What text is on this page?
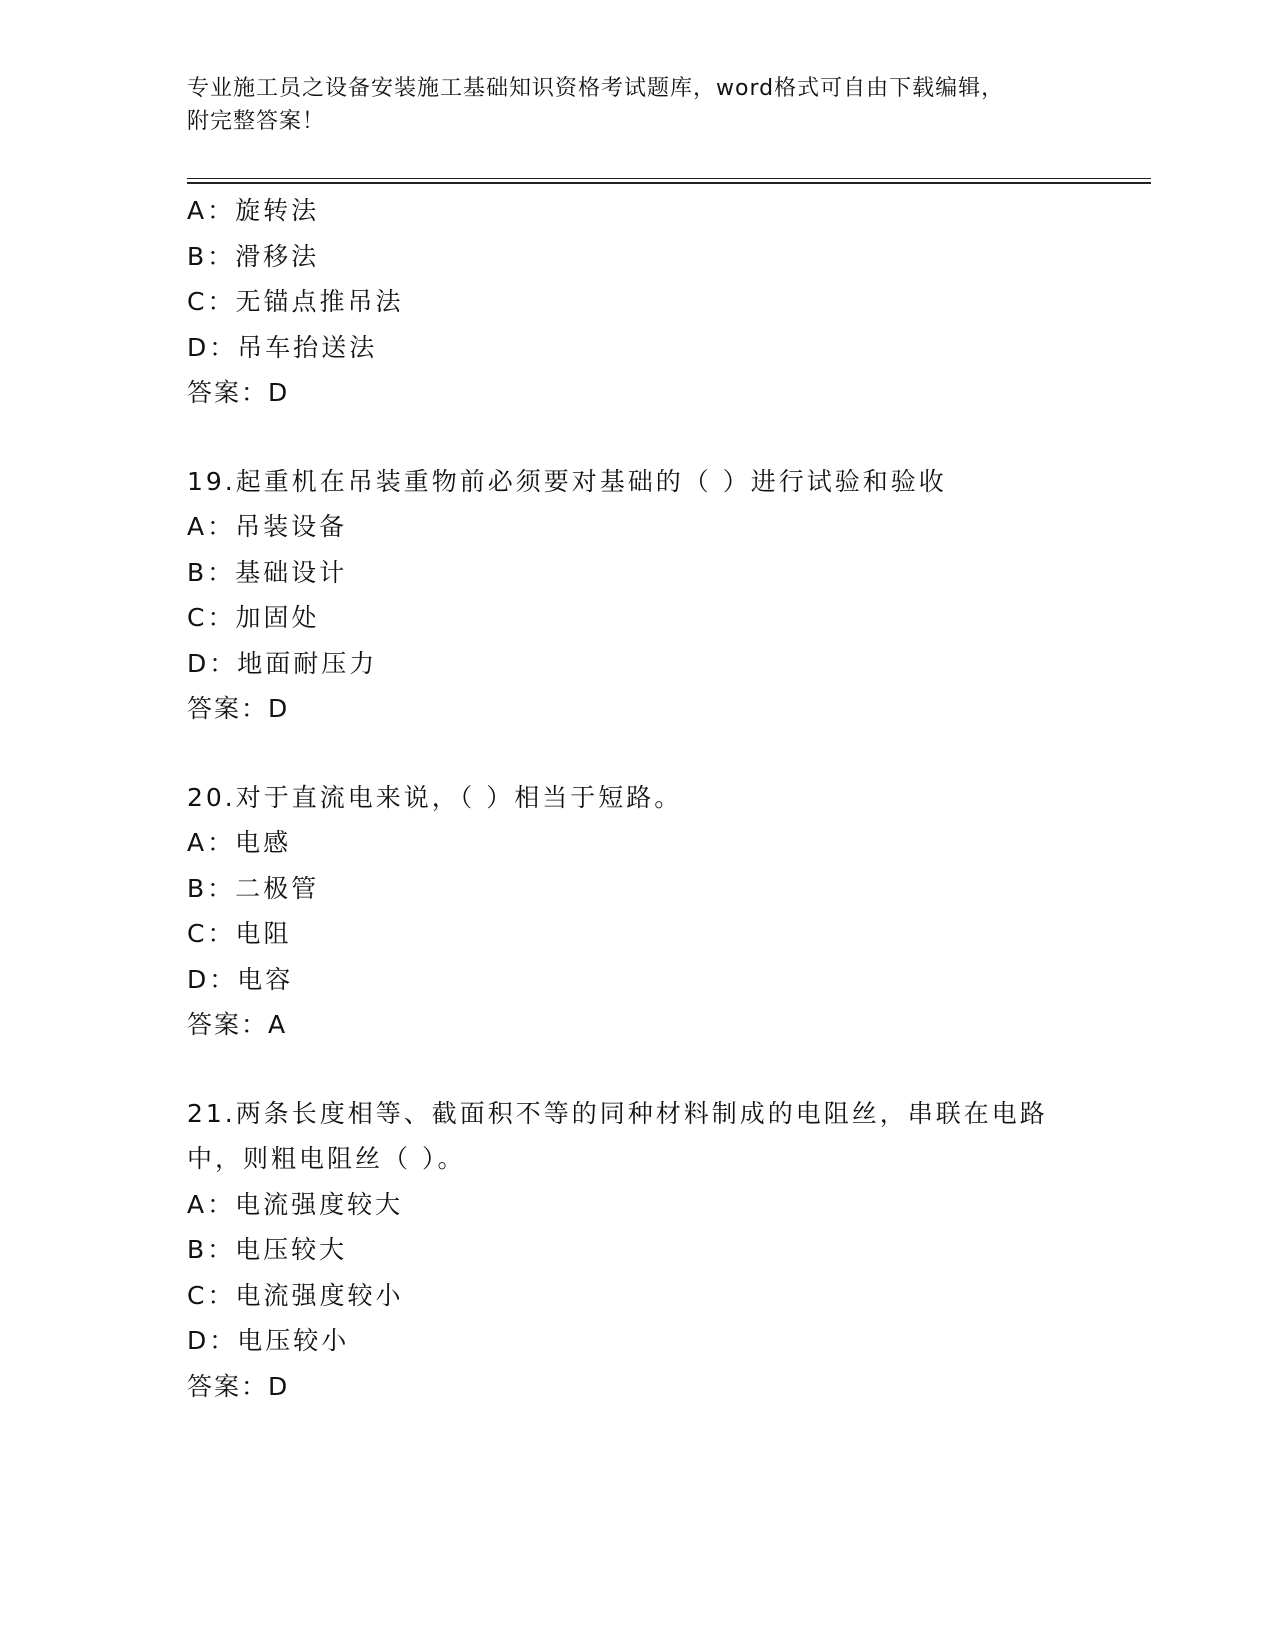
专业施工员之设备安装施工基础知识资格考试题库，word格式可自由下载编辑，
附完整答案！
A：旋转法
B：滑移法
C：无锚点推吊法
D：吊车抬送法
答案：D
19.起重机在吊装重物前必须要对基础的（ ）进行试验和验收
A：吊装设备
B：基础设计
C：加固处
D：地面耐压力
答案：D
20.对于直流电来说，（ ）相当于短路。
A：电感
B：二极管
C：电阻
D：电容
答案：A
21.两条长度相等、截面积不等的同种材料制成的电阻丝，串联在电路
中，则粗电阻丝（ ）。
A：电流强度较大
B：电压较大
C：电流强度较小
D：电压较小
答案：D
